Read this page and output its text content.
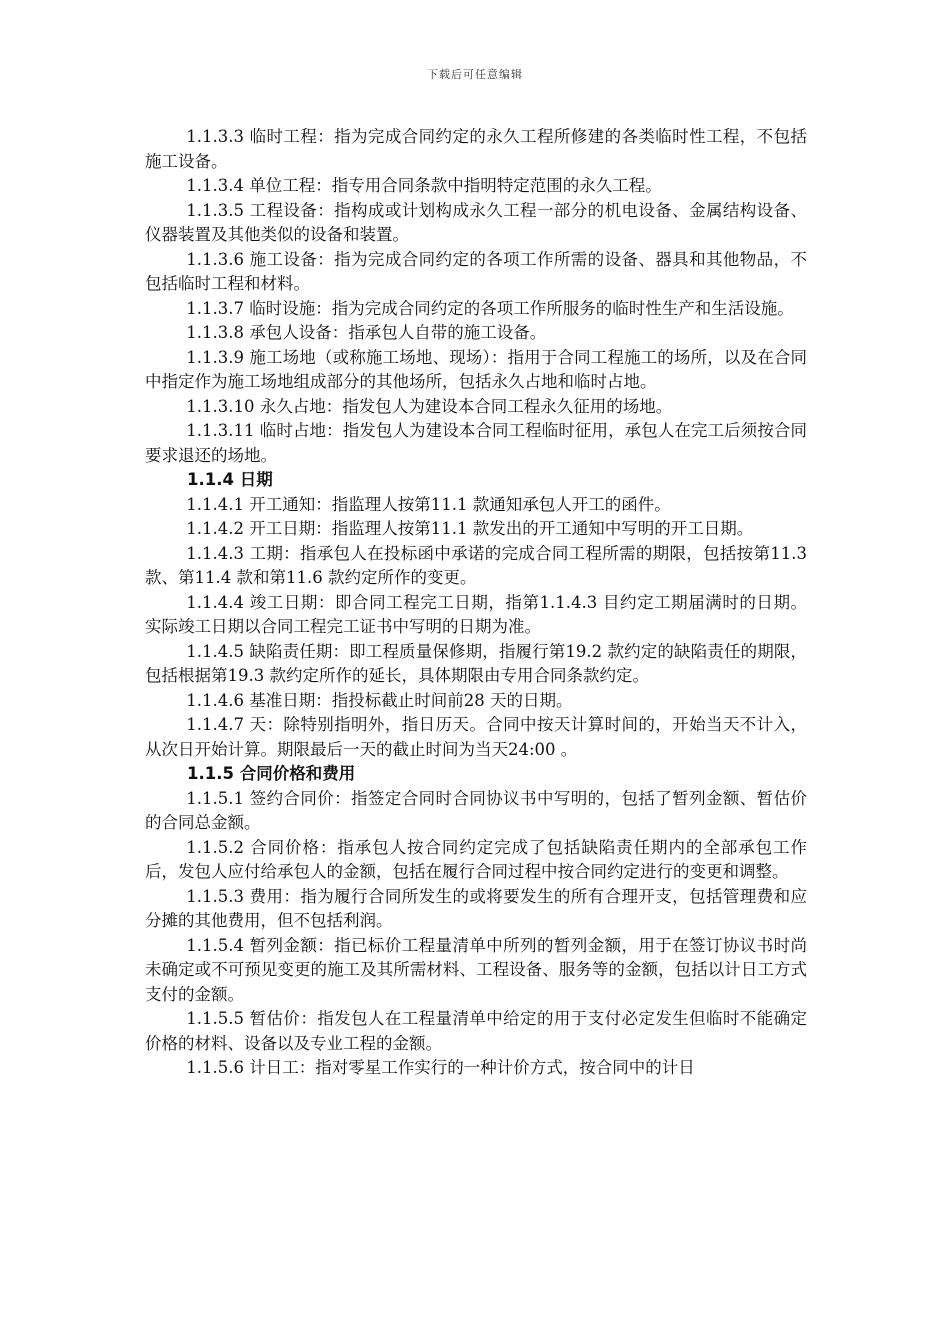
下载后可任意编辑

1.1.3.3 临时工程：指为完成合同约定的永久工程所修建的各类临时性工程，不包括施工设备。

1.1.3.4 单位工程：指专用合同条款中指明特定范围的永久工程。

1.1.3.5 工程设备：指构成或计划构成永久工程一部分的机电设备、金属结构设备、仪器装置及其他类似的设备和装置。

1.1.3.6 施工设备：指为完成合同约定的各项工作所需的设备、器具和其他物品，不包括临时工程和材料。

1.1.3.7 临时设施：指为完成合同约定的各项工作所服务的临时性生产和生活设施。

1.1.3.8 承包人设备：指承包人自带的施工设备。

1.1.3.9 施工场地（或称施工场地、现场）：指用于合同工程施工的场所，以及在合同中指定作为施工场地组成部分的其他场所，包括永久占地和临时占地。

1.1.3.10 永久占地：指发包人为建设本合同工程永久征用的场地。

1.1.3.11 临时占地：指发包人为建设本合同工程临时征用，承包人在完工后须按合同要求退还的场地。

1.1.4 日期

1.1.4.1 开工通知：指监理人按第11.1 款通知承包人开工的函件。

1.1.4.2 开工日期：指监理人按第11.1 款发出的开工通知中写明的开工日期。

1.1.4.3 工期：指承包人在投标函中承诺的完成合同工程所需的期限，包括按第11.3 款、第11.4 款和第11.6 款约定所作的变更。

1.1.4.4 竣工日期：即合同工程完工日期，指第1.1.4.3 目约定工期届满时的日期。实际竣工日期以合同工程完工证书中写明的日期为准。

1.1.4.5 缺陷责任期：即工程质量保修期，指履行第19.2 款约定的缺陷责任的期限，包括根据第19.3 款约定所作的延长，具体期限由专用合同条款约定。

1.1.4.6 基准日期：指投标截止时间前28 天的日期。

1.1.4.7 天：除特别指明外，指日历天。合同中按天计算时间的，开始当天不计入，从次日开始计算。期限最后一天的截止时间为当天24:00 。

1.1.5 合同价格和费用

1.1.5.1 签约合同价：指签定合同时合同协议书中写明的，包括了暂列金额、暂估价的合同总金额。

1.1.5.2 合同价格：指承包人按合同约定完成了包括缺陷责任期内的全部承包工作后，发包人应付给承包人的金额，包括在履行合同过程中按合同约定进行的变更和调整。

1.1.5.3 费用：指为履行合同所发生的或将要发生的所有合理开支，包括管理费和应分摊的其他费用，但不包括利润。

1.1.5.4 暂列金额：指已标价工程量清单中所列的暂列金额，用于在签订协议书时尚未确定或不可预见变更的施工及其所需材料、工程设备、服务等的金额，包括以计日工方式支付的金额。

1.1.5.5 暂估价：指发包人在工程量清单中给定的用于支付必定发生但临时不能确定价格的材料、设备以及专业工程的金额。

1.1.5.6 计日工：指对零星工作实行的一种计价方式，按合同中的计日
